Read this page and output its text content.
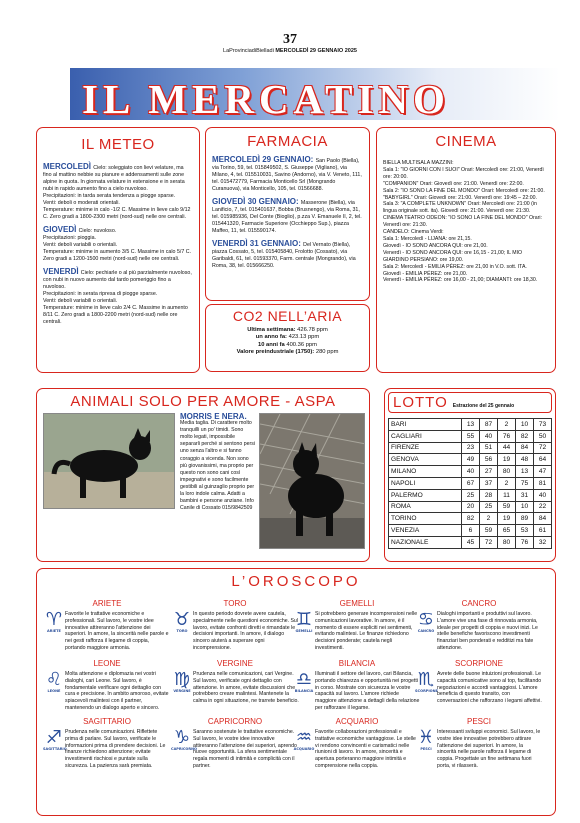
37
LaProvinciadiBielladi MERCOLEDÌ 29 GENNAIO 2025
IL MERCATINO
IL METEO
MERCOLEDÌ Cielo: soleggiato con lievi velature, ma fino al mattino nebbie su pianure e addensamenti sulle zone alpine in quota. In giornata velature in estensione e in serata nubi in rapido aumento fino a cielo nuvoloso.
Precipitazioni: in tarda serata tendenza a piogge sparse.
Venti: deboli o moderati orientali.
Temperature: minime in calo -1/2 C. Massime in lieve calo 9/12 C. Zero gradi a 1800-2300 metri (nord-sud) nelle ore centrali.
GIOVEDÌ Cielo: nuvoloso.
Precipitazioni: pioggia.
Venti: deboli variabili o orientali.
Temperature: minime in aumento 3/5 C. Massime in calo 5/7 C. Zero gradi a 1200-1500 metri (nord-sud) nelle ore centrali.
VENERDÌ Cielo: pechiarle o al più parzialmente nuvoloso, con nubi in nuovo aumento dal tardo pomeriggio fino a nuvoloso.
Precipitazioni: in serata ripresa di piogge sparse.
Venti: deboli variabili o orientali.
Temperature: minime in lieve calo 2/4 C. Massime in aumento 8/11 C. Zero gradi a 1800-2200 metri (nord-sud) nelle ore centrali.
FARMACIA
MERCOLEDÌ 29 GENNAIO: San Paolo (Biella), via Torino, 59, tel. 015849502, S. Giuseppe (Vigliano), via Milano, 4, tel. 015510031, Savino (Andorno), via V. Veneto, 111, tel. 015472779, Farmacia Monticello Srl (Mongrando Curanuova), via Monticello, 105, tel. 01566688.
GIOVEDÌ 30 GENNAIO: Masserone (Biella), via Lanificio, 7, tel. 015401637, Bobba (Brusnengo), via Roma, 31, tel. 015985936, Del Conte (Bioglio), p.zza V. Emanuele II, 2, tel. 015441320, Farmacie Superiore (Occhieppo Sup.), piazza Maffeo, 11, tel. 015590174.
VENERDÌ 31 GENNAIO: Del Vernato (Biella), piazza Cossato, 5, tel. 015405840, Frolotto (Cossato), via Garibaldi, 61, tel. 01593370, Farm. centrale (Mongrando), via Roma, 38, tel. 015666250.
CO2 NELL’ARIA
Ultima settimana: 426.78 ppm
un anno fa: 423.13 ppm
10 anni fa 400.36 ppm
Valore preindustriale (1750): 280 ppm
CINEMA

BIELLA MULTISALA MAZZINI:

Sala 1: "IO GIORNI CON I SUOI" Orari: Mercoledì ore: 21:00, Venerdì ore: 20:00.

"COMPANION" Orari: Giovedì ore: 21:00. Venerdì ore: 22:00.

Sala 2: "IO SONO LA FINE DEL MONDO" Orari: Mercoledì ore: 21:00.

"BABYGIRL" Orari: Giovedì ore: 21:00. Venerdì ore: 19:45 – 22:00.

Sala 3: "A COMPLETE UNKNOWN" Orari: Mercoledì ore: 21:00 (in lingua originale sott. ita). Giovedì ore: 21:00. Venerdì ore: 21:30.

CINEMA TEATRO ODEON: "IO SONO LA FINE DEL MONDO" Orari: Venerdì ore: 21:30.

CANDELO: Cinema Verdi:

Sala 1: Mercoledì - LIJANA: ore 21,15.

Giovedì - IO SONO ANCORA QUI: ore 21,00.

Venerdì - IO SONO ANCORA QUI: ore 16,15 - 21,00; IL MIO GIARDINO PERSIANO: ore 19,00.

Sala 2: Mercoledì - EMILIA PÉREZ: ore 21,00 in V.O. sott. ITA.

Giovedì - EMILIA PÉREZ: ore 21,00.

Venerdì - EMILIA PÉREZ: ore 16,00 - 21,00; DIAMANTI: ore 18,30.

ANIMALI SOLO PER AMORE - ASPA
MORRIS E NERA.
Media taglia. Di carattere molto tranquilli un po' timidi. Sono molto legati, impossibile separarli perché si sentono persi uno senza l'altro e si fanno coraggio a vicenda. Non sono più giovanissimi, ma proprio per questo non sono cani così impegnativi e sono facilmente gestibili al guinzaglio proprio per la loro indole calma. Adatti a bambini e persone anziane. Info Canile di Cossato 015/9842509
LOTTO Estrazione del 25 gennaio
BARI	13	87	2	10	73
CAGLIARI	55	40	76	82	50
FIRENZE	23	51	44	84	72
GENOVA	49	56	19	48	64
MILANO	40	27	80	13	47
NAPOLI	67	37	2	75	81
PALERMO	25	28	11	31	40
ROMA	20	25	59	10	22
TORINO	82	2	19	89	84
VENEZIA	6	59	65	53	61
NAZIONALE	45	72	80	76	32
L’OROSCOPO
ARIETE
♈
ARIETE
Favorite le trattative economiche e professionali. Sul lavoro, le vostre idee innovative attireranno l'attenzione dei superiori. In amore, la sincerità nelle parole e nei gesti rafforza il legame di coppia, portando maggiore armonia.
TORO
♉
TORO
In questo periodo dovrete avere cautela, specialmente nelle questioni economiche. Sul lavoro, evitate confronti diretti e rimandate le decisioni importanti. In amore, il dialogo sincero aiuterà a superare ogni incomprensione.
GEMELLI
♊
GEMELLI
Si potrebbero generare incomprensioni nelle comunicazioni lavorative. In amore, è il momento di essere espliciti nei sentimenti, evitando malintesi. Le finanze richiedono decisioni ponderate; cautela negli investimenti.
CANCRO
♋
CANCRO
Dialoghi importanti e produttivi sul lavoro. L'amore vive una fase di rinnovata armonia, ideale per progetti di coppia e nuovi inizi. Le stelle benefiche favoriscono investimenti finanziari ben ponderati e redditizi ma fate attenzione.
LEONE
♌
LEONE
Molta attenzione e diplomazia nei vostri dialoghi, cari Leone. Sul lavoro, è fondamentale verificare ogni dettaglio con cura e precisione. In ambito amoroso, evitate spiacevoli malintesi con il partner, mantenendo un dialogo aperto e sincero.
VERGINE
♍
VERGINE
Prudenza nelle comunicazioni, cari Vergine. Sul lavoro, verificate ogni dettaglio con attenzione. In amore, evitate discussioni che potrebbero creare malintesi. Mantenete la calma in ogni situazione, ne trarrete beneficio.
BILANCIA
♎
BILANCIA
Illuminati il settore del lavoro, cari Bilancia, portando chiarezza e opportunità nei progetti in corso. Mostrate con sicurezza le vostre capacità sul lavoro. L'amore richiede maggiore attenzione a dettagli della relazione per rafforzare il legame.
SCORPIONE
♏
SCORPIONE
Avrete delle buone intuizioni professionali. Le capacità comunicative sono al top, facilitando negoziazioni e accordi vantaggiosi. L'amore beneficia di questo transito, con conversazioni che rafforzano i legami affettivi.
SAGITTARIO
♐
SAGITTARIO
Prudenza nelle comunicazioni. Riflettete prima di parlare. Sul lavoro, verificate le informazioni prima di prendere decisioni. Le finanze richiedono attenzione; evitate investimenti rischiosi e puntate sulla sicurezza. La pazienza sarà premiata.
CAPRICORNO
♑
CAPRICORNO
Saranno sostenute le trattative economiche. Sul lavoro, le vostre idee innovative attireranno l'attenzione dei superiori, aprendo nuove opportunità. La sfera sentimentale regala momenti di intimità e complicità con il partner.
ACQUARIO
♒
ACQUARIO
Favorite collaborazioni professionali e trattative economiche vantaggiose. Le stelle vi rendono convincenti e carismatici nelle riunioni di lavoro. In amore, sincerità e apertura porteranno maggiore intimità e comprensione nella coppia.
PESCI
♓
PESCI
Interessanti sviluppi economici. Sul lavoro, le vostre idee innovative potrebbero attirare l'attenzione dei superiori. In amore, la sincerità nelle parole rafforza il legame di coppia. Progettate un fine settimana fuori porta, vi rilasserà.
